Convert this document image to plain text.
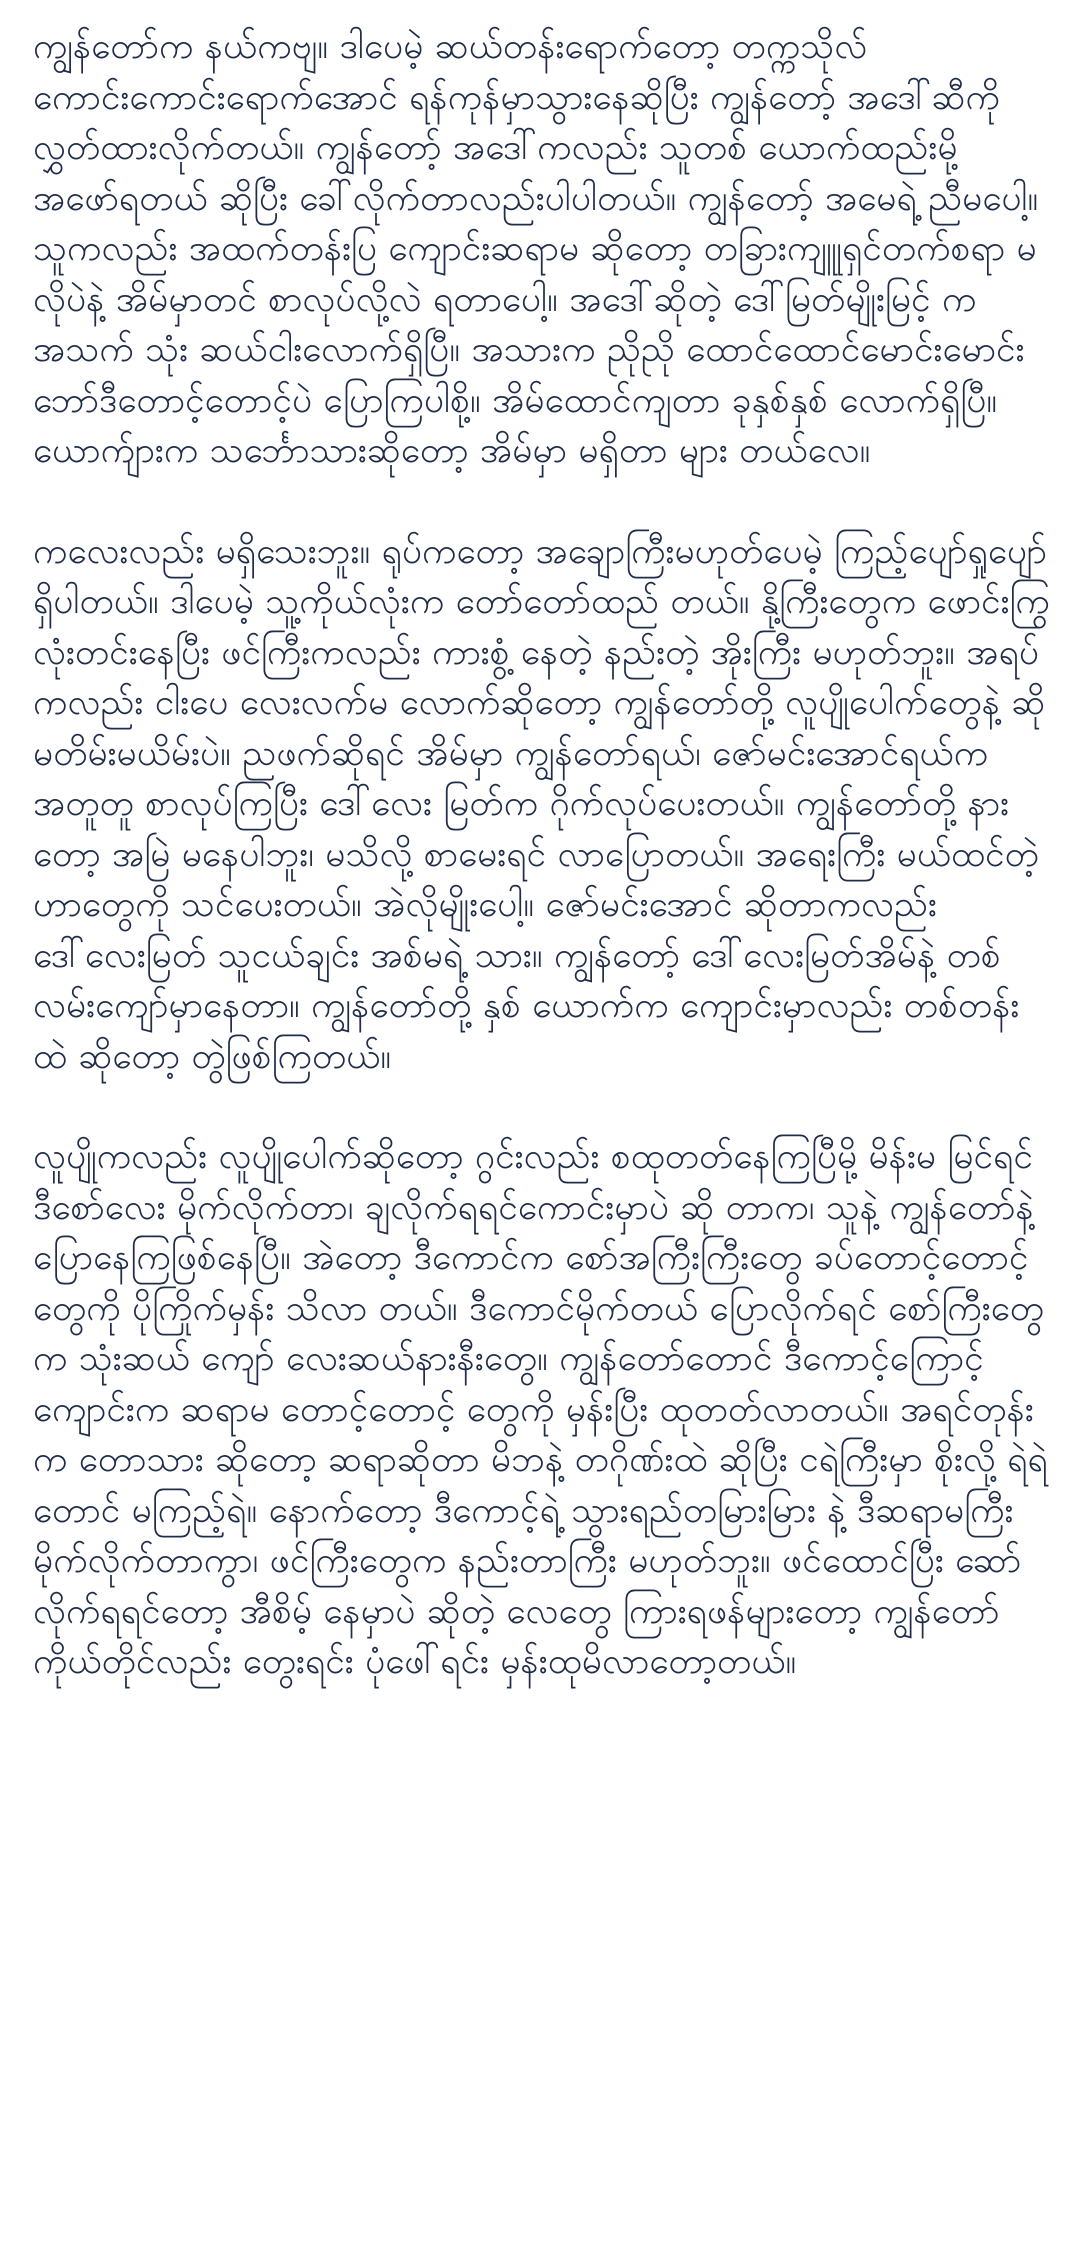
ကျွန်တော်က နယ်ကဗျ။ ဒါပေမဲ့ ဆယ်တန်းရောက်တော့ တက္ကသိုလ် ကောင်းကောင်းရောက်အောင် ရန်ကုန်မှာသွားနေဆိုပြီး ကျွန်တော့် အဒေါ်ဆီကို လွှတ်ထားလိုက်တယ်။ ကျွန်တော့် အဒေါ်ကလည်း သူတစ် ယောက်ထည်းမို့ အဖော်ရတယ် ဆိုပြီး ခေါ်လိုက်တာလည်းပါပါတယ်။ ကျွန်တော့် အမေရဲ့ ညီမပေါ့။ သူကလည်း အထက်တန်းပြ ကျောင်းဆရာမ ဆိုတော့ တခြားကျူုရှင်တက်စရာ မလိုပဲနဲ့ အိမ်မှာတင် စာလုပ်လို့လဲ ရတာပေါ့။ အဒေါ်ဆိုတဲ့ ဒေါ်မြတ်မျိုးမြင့် က အသက် သုံး ဆယ်ငါးလောက်ရှိပြီ။ အသားက ညိုညို ထောင်ထောင်မောင်းမောင်း ဘော်ဒီတောင့်တောင့်ပဲ ပြောကြပါစို့။ အိမ်ထောင်ကျတာ ခုနှစ်နှစ် လောက်ရှိပြီ။ ယောက်ျားက သင်္ဘောသားဆိုတော့ အိမ်မှာ မရှိတာ များ တယ်လေ။

ကလေးလည်း မရှိသေးဘူး။ ရုပ်ကတော့ အချောကြီးမဟုတ်ပေမဲ့ ကြည့်ပျော်ရှုပျော်ရှိပါတယ်။ ဒါပေမဲ့ သူ့ကိုယ်လုံးက တော်တော်ထည် တယ်။ နို့ကြီးတွေက ဖောင်းကြွလုံးတင်းနေပြီး ဖင်ကြီးကလည်း ကားစွံ့ နေတဲ့ နည်းတဲ့ အိုးကြီး မဟုတ်ဘူး။ အရပ်ကလည်း ငါးပေ လေးလက်မ လောက်ဆိုတော့ ကျွန်တော်တို့ လူပျိုပေါက်တွေနဲ့ ဆို မတိမ်းမယိမ်းပဲ။ ညဖက်ဆိုရင် အိမ်မှာ ကျွန်တော်ရယ်၊ ဇော်မင်းအောင်ရယ်က အတူတူ စာလုပ်ကြပြီး ဒေါ်လေး မြတ်က ဂိုက်လုပ်ပေးတယ်။ ကျွန်တော်တို့ နား တော့ အမြဲ မနေပါဘူး၊ မသိလို့ စာမေးရင် လာပြောတယ်။ အရေးကြီး မယ်ထင်တဲ့ ဟာတွေကို သင်ပေးတယ်။ အဲလိုမျိုးပေါ့။ ဇော်မင်းအောင် ဆိုတာကလည်း ဒေါ်လေးမြတ် သူငယ်ချင်း အစ်မရဲ့ သား။ ကျွန်တော့် ဒေါ်လေးမြတ်အိမ်နဲ့ တစ်လမ်းကျော်မှာနေတာ။ ကျွန်တော်တို့ နှစ် ယောက်က ကျောင်းမှာလည်း တစ်တန်းထဲ ဆိုတော့ တွဲဖြစ်ကြတယ်။

လူပျိုကလည်း လူပျိုပေါက်ဆိုတော့ ဂွင်းလည်း စထုတတ်နေကြပြီမို့ မိန်းမ မြင်ရင် ဒီစော်လေး မိုက်လိုက်တာ၊ ချလိုက်ရရင်ကောင်းမှာပဲ ဆို တာက၊ သူနဲ့ ကျွန်တော်နဲ့ ပြောနေကြဖြစ်နေပြီ။ အဲတော့ ဒီကောင်က စော်အကြီးကြီးတွေ ခပ်တောင့်တောင့်တွေကို ပိုကြိုက်မှန်း သိလာ တယ်။ ဒီကောင်မိုက်တယ် ပြောလိုက်ရင် စော်ကြီးတွေက သုံးဆယ် ကျော် လေးဆယ်နားနီးတွေ။ ကျွန်တော်တောင် ဒီကောင့်ကြောင့် ကျောင်းက ဆရာမ တောင့်တောင့် တွေကို မှန်းပြီး ထုတတ်လာတယ်။ အရင်တုန်းက တောသား ဆိုတော့ ဆရာဆိုတာ မိဘနဲ့ တဂိုဏ်းထဲ ဆိုပြီး ငရဲကြီးမှာ စိုးလို့ ရဲရဲတောင် မကြည့်ရဲ။ နောက်တော့ ဒီကောင့်ရဲ့ သွားရည်တမြားမြား နဲ့ ဒီဆရာမကြီး မိုက်လိုက်တာကွာ၊ ဖင်ကြီးတွေက နည်းတာကြီး မဟုတ်ဘူး။ ဖင်ထောင်ပြီး ဆော်လိုက်ရရင်တော့ အီစိမ့် နေမှာပဲ ဆိုတဲ့ လေတွေ ကြားရဖန်များတော့ ကျွန်တော်ကိုယ်တိုင်လည်း တွေးရင်း ပုံဖေါ်ရင်း မှန်းထုမိလာတော့တယ်။
